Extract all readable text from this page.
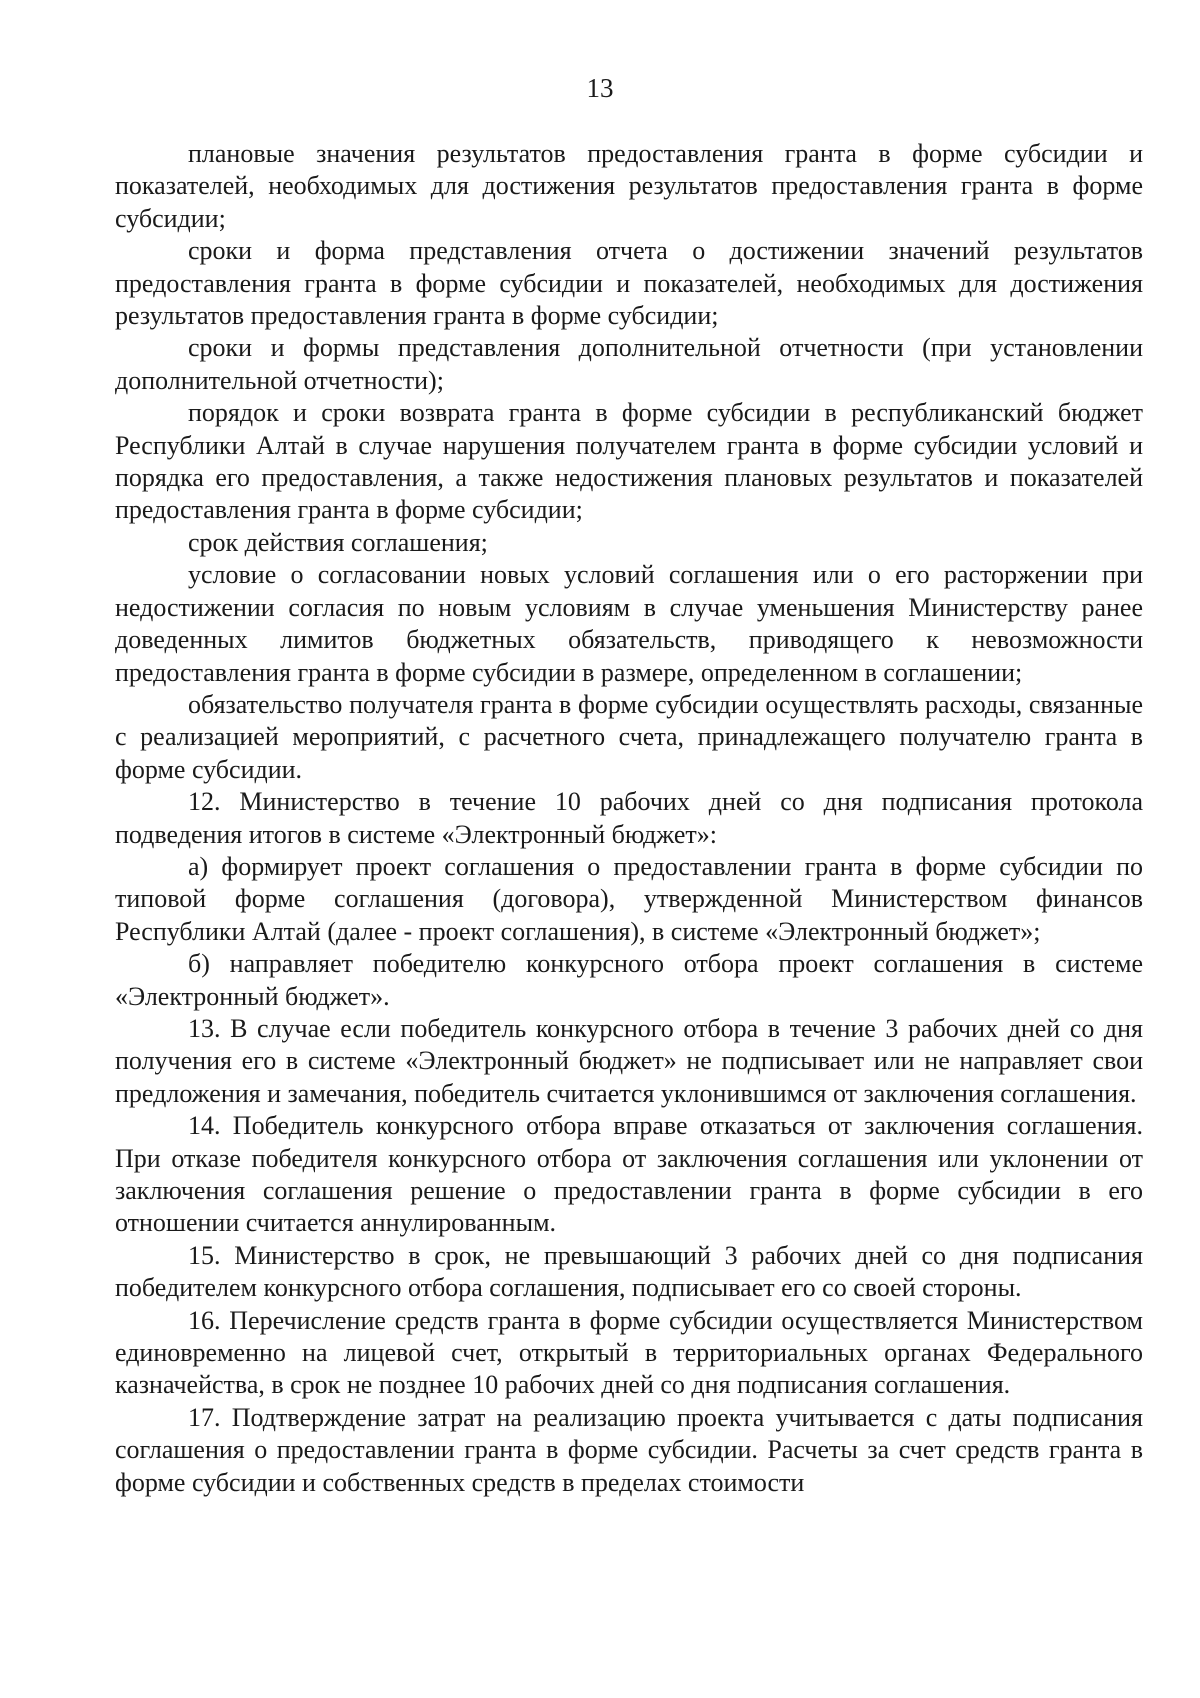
13

плановые значения результатов предоставления гранта в форме субсидии и показателей, необходимых для достижения результатов предоставления гранта в форме субсидии;

сроки и форма представления отчета о достижении значений результатов предоставления гранта в форме субсидии и показателей, необходимых для достижения результатов предоставления гранта в форме субсидии;

сроки и формы представления дополнительной отчетности (при установлении дополнительной отчетности);

порядок и сроки возврата гранта в форме субсидии в республиканский бюджет Республики Алтай в случае нарушения получателем гранта в форме субсидии условий и порядка его предоставления, а также недостижения плановых результатов и показателей предоставления гранта в форме субсидии;

срок действия соглашения;

условие о согласовании новых условий соглашения или о его расторжении при недостижении согласия по новым условиям в случае уменьшения Министерству ранее доведенных лимитов бюджетных обязательств, приводящего к невозможности предоставления гранта в форме субсидии в размере, определенном в соглашении;

обязательство получателя гранта в форме субсидии осуществлять расходы, связанные с реализацией мероприятий, с расчетного счета, принадлежащего получателю гранта в форме субсидии.

12. Министерство в течение 10 рабочих дней со дня подписания протокола подведения итогов в системе «Электронный бюджет»:

а) формирует проект соглашения о предоставлении гранта в форме субсидии по типовой форме соглашения (договора), утвержденной Министерством финансов Республики Алтай (далее - проект соглашения), в системе «Электронный бюджет»;

б) направляет победителю конкурсного отбора проект соглашения в системе «Электронный бюджет».

13. В случае если победитель конкурсного отбора в течение 3 рабочих дней со дня получения его в системе «Электронный бюджет» не подписывает или не направляет свои предложения и замечания, победитель считается уклонившимся от заключения соглашения.

14. Победитель конкурсного отбора вправе отказаться от заключения соглашения. При отказе победителя конкурсного отбора от заключения соглашения или уклонении от заключения соглашения решение о предоставлении гранта в форме субсидии в его отношении считается аннулированным.

15. Министерство в срок, не превышающий 3 рабочих дней со дня подписания победителем конкурсного отбора соглашения, подписывает его со своей стороны.

16. Перечисление средств гранта в форме субсидии осуществляется Министерством единовременно на лицевой счет, открытый в территориальных органах Федерального казначейства, в срок не позднее 10 рабочих дней со дня подписания соглашения.

17. Подтверждение затрат на реализацию проекта учитывается с даты подписания соглашения о предоставлении гранта в форме субсидии. Расчеты за счет средств гранта в форме субсидии и собственных средств в пределах стоимости
